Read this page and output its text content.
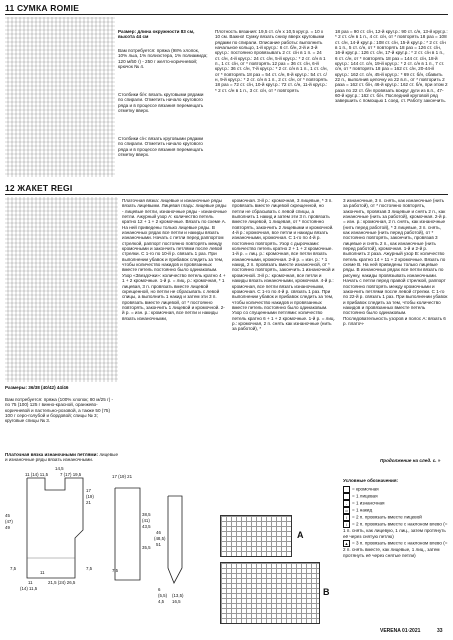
11 СУМКА ROMIE
Размер: длина окружности 83 см, высота 44 см
Вам потребуется: пряжа (98% хлопок, 10% лыа, 1% полиэстера, 1% полиамида; 120 м/50 г) - 250 г желто-коричневой; крючок № 4.
Столбики б/н: вязать круговыми рядами по спирали. Отметить начало кругового ряда и в процессе вязания перемещать отметку вверх.
Столбики с/н: вязать круговыми рядами по спирали. Отметить начало кругового ряда и в процессе вязания перемещать отметку вверх.
Плотность вязания: 19,5 ст. с/н х 10,5 круг.р. = 10 х 10 см. Важно! Сумку вязать снизу вверх круговыми рядами по спирали. Описание работы: выполнить начальное кольцо, 1-й круг.р.: 6 ст. б/н, 2-й и 3-й круг.р.: постоянно провязывать 2 ст. с/н в 1 п. = 24 ст. с/н, 4-й круг.р.: 24 ст. с/н, 5-й круг.р.: * 2 ст. с/н в 1 п., 1 ст. с/н, от * повторять 12 раз = 36 ст. с/н, 6-й круг.р.: 36 ст. с/н, 7-й круг.р.: * 2 ст. с/н в 1 п., 1 ст. с/н, от * повторять 18 раз = 54 ст. с/н, 8-й круг.р.: 54 ст. с/н, 9-й круг.р.: * 2 ст. с/н в 1 п., 2 ст. с/н, от * повторять 18 раз = 72 ст. с/н, 10-й круг.р.: 72 ст. с/н, 11-й круг.р.: * 2 ст. с/н в 1 п., 3 ст. с/н, от * повторять
18 раз = 90 ст. с/н, 12-й круг.р.: 90 ст. с/н, 13-й круг.р.: * 2 ст. с/н в 1 п., 4 ст. с/н, от * повторять 18 раз = 108 ст. с/н, 14-й круг.р.: 108 ст. с/н, 15-й круг.р.: * 2 ст. с/н в 1 п., 5 ст. с/н, от * повторять 18 раз = 126 ст. с/н, 16-й круг.р.: 126 ст. с/н, 17-й круг.р.: * 2 ст. с/н в 1 п., 6 ст. с/н, от * повторять 18 раз = 144 ст. с/н, 18-й круг.р.: 144 ст. с/н, 19-й круг.р.: * 2 ст. с/н в 1 п., 7 ст. с/н, от * повторять 18 раз = 162 ст. с/н, 20-44-й круг.р.: 162 ст. с/н, 45-й круг.р.: * 69 ст. б/н, сбавить 22 п., выполнив цепочку из 22 в.п., от * повторить 2 раза = 162 ст. б/н, 46-й круг.р.: 162 ст. б/н, при этом 2 раза по 22 ст. б/н провязать вокруг дуги из в.п., 47-60-й круг.р.: 162 ст. б/н. Последний круговой ряд завершить с помощью 1 соед. ст. Работу закончить.
12 ЖАКЕТ REGI
Размеры: 36/38 (40/42) 44/46
Вам потребуется: пряжа (100% хлопок; 80 м/25 г) - по 75 (100) 125 г винно-красной, оранжево-коричневой и пастельно-розовой, а также 50 (75) 100 г серо-голубой и бордовой; спицы № 3; круговые спицы № 3.
Платочная вязка изнаночными петлями: лицевые и изнаночные ряды вязать изнаночными.
Платочная вязка: лицевые и изнаночные ряды вязать лицевыми. Лицевая гладь: лицевые ряды - лицевые петли, изнаночные ряды - изнаночные петли. Ажурный узор А: количество петель кратно 12 + 1 + 2 кромочные. Вязать по схеме А. На ней приведены только лицевые ряды. В изнаночных рядах все петли и накиды вязать изнаночными. Начать с петли перед раппортом стрелкой, раппорт постоянно повторять между кромочными и закончить петлями после левой стрелки. С 1-го по 10-й р. связать 1 раз. При выполнении убавок и прибавок следить за тем, чтобы количество накидов и провязанных вместе петель постоянно было одинаковым. Узор «Звездочки»: количество петель кратно 4 + 1 + 2 кромочные. 1-й р. = лиц. р.: кромочная, * 1 лицевая, 3 п. провязать вместе лицевой скрещенной, но петли не сбрасывать с левой спицы, а выполнить 1 накид и затем эти 3 п. провязать вместе лицевой, от * постоянно повторять, закончить 1 лицевой и кромочной. 2-й р. = изн. р.: кромочная, все петли и накиды вязать изнаночными,
кромочная. 3-й р.: кромочная, 3 лицевые, * 3 п. провязать вместе лицевой скрещенной, но петли не сбрасывать с левой спицы, а выполнить 1 накид и затем эти 3 п. провязать вместе лицевой, 1 лицевая, от * постоянно повторять, закончить 2 лицевыми и кромочной. 4-й р.: кромочная, все петли и накиды вязать изнаночными, кромочная. С 1-го по 4-й р. постоянно повторять. Узор с дырочками: количество петель кратно 2 + 1 + 2 кромочные. 1-й р. = лиц. р.: кромочная, все петли вязать изнаночными, кромочная. 2-й р. = изн. р.: * 1 накид, 2 п. провязать вместе изнаночной, от * постоянно повторять, закончить 1 изнаночной и кромочной. 3-й р.: кромочная, все петли и накиды вязать изнаночными, кромочная. 4-й р.: кромочная, все петли вязать изнаночными, кромочная. С 1-го по 4-й р. связать 1 раз. При выполнении убавок и прибавок следить за тем, чтобы количество накидов и провязанных вместе петель постоянно было одинаковым. Узор со спущенными петлями: количество петель кратно 6 + 1 + 2 кромочные. 1-й р. = лиц. р.: кромочная, 2 п. снять как изнаночные (нить за работой), *
3 изнаночные, 3 п. снять, как изнаночные (нить за работой), от * постоянно повторять, закончить, провязав 3 лицевые и снять 2 п., как изнаночные (нить за работой), кромочная. 2-й р. = изн. р.: кромочная, 2 п. снять, как изнаночные (нить перед работой), * 3 лицевые, 3 п. снять, как изнаночные (нить перед работой), от * постоянно повторять, закончить, провязав 3 лицевые и снять 2 п., как изнаночные (нить перед работой), кромочная. 1-й и 2-й р. выполнить 2 раза. Ажурный узор В: количество петель кратно 14 + 11 + 2 кромочные. Вязать по схеме В. На ней приведены только лицевые ряды. В изнаночных рядах все петли вязать по рисунку, накиды провязывать изнаночными. Начать с петли перед правой стрелкой, раппорт постоянно повторять между кромочными и закончить петлями после левой стрелки. С 1-го по 22-й р. связать 1 раз. При выполнении убавок и прибавок следить за тем, чтобы количество накидов и провязанных вместе петель постоянно было одинаковым. Последовательность узоров и полос А: вязать 6 р. платоч-
Продолжение на след. с. »
14,5
11 (14) 11,5	7 (17) 19,5
45
(47)
49
17
(19)
21
7,5
11
(14) 11,5
21,5 (24) 26,5
7,5
11
17 (19) 21
38,5
(41)
43,5
35,5
7,5
46
(48,5)
51
6
(5,5)
4,5
(13,5)
16,5
A
B
Условные обозначения:
= кромочная
= 1 лицевая
- = 1 изнаночная
о = 1 накид
/ = 2 п. провязать вместе лицевой
\ = 2 п. провязать вместе с наклоном влево (= 1 п. снять, как лицевую, 1 лиц., затем протянуть её через снятую петлю)
▲ = 3 п. провязать вместе с наклоном влево (= 2 п. снять вместе, как лицевые, 1 лиц., затем протянуть её через снятые петли)
VERENA 01·2021	33
